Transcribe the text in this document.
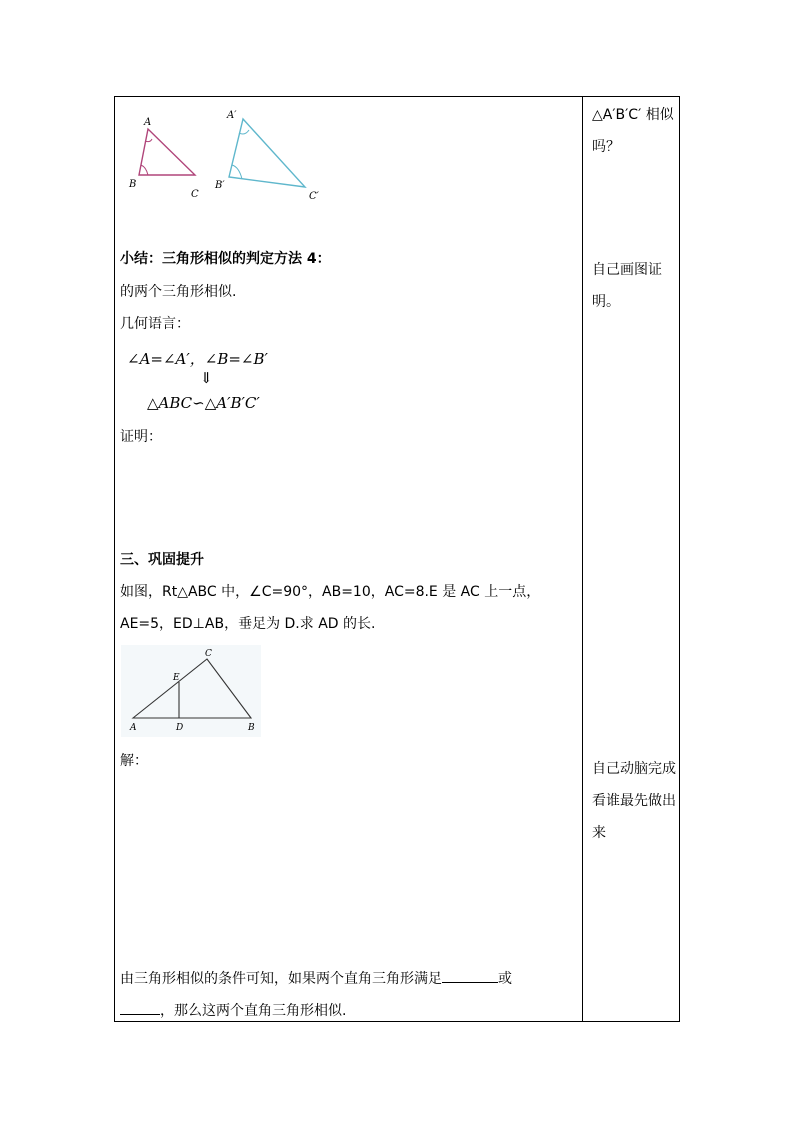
A
B
C
A′
B′
C′
小结：三角形相似的判定方法 4：
的两个三角形相似.
几何语言：
∠A=∠A′，∠B=∠B′
⇓
△ABC∽△A′B′C′
证明：
三、巩固提升
如图，Rt△ABC 中，∠C=90°，AB=10，AC=8.E 是 AC 上一点，
AE=5，ED⊥AB，垂足为 D.求 AD 的长.
A	D	B
C
E
解：
由三角形相似的条件可知，如果两个直角三角形满足	或
，那么这两个直角三角形相似.
△A′B′C′ 相似吗？
自己画图证明。
自己动脑完成看谁最先做出来
